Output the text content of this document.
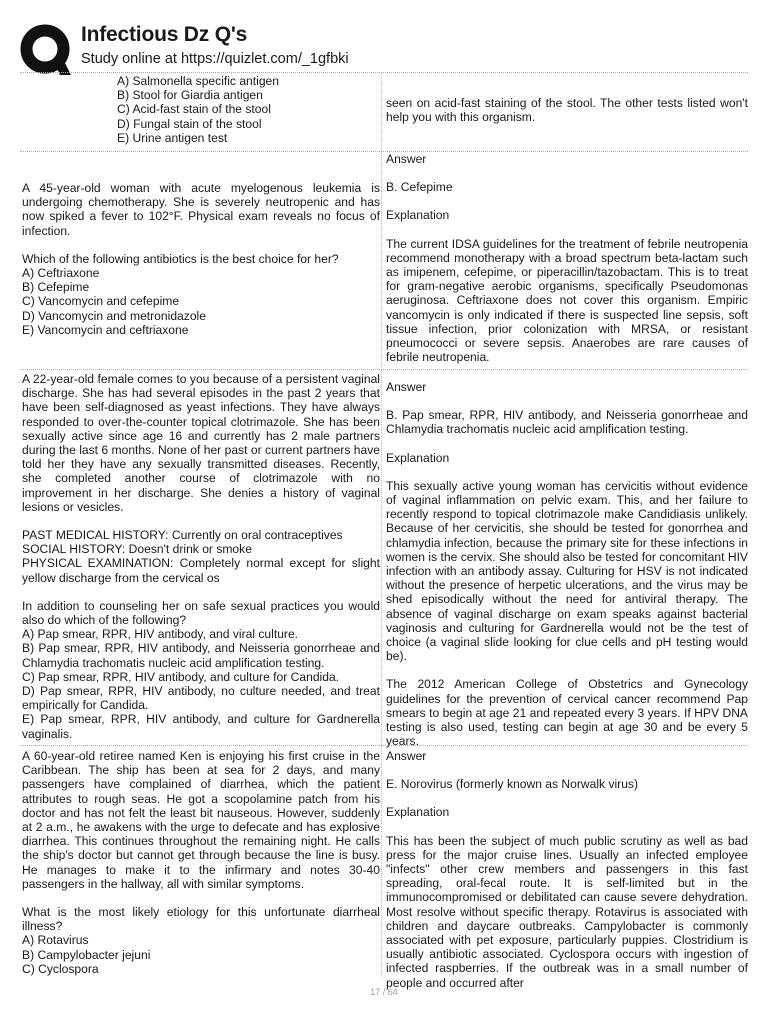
Infectious Dz Q's
Study online at https://quizlet.com/_1gfbki

A) Salmonella specific antigen

B) Stool for Giardia antigen

C) Acid-fast stain of the stool

D) Fungal stain of the stool

E) Urine antigen test

seen on acid-fast staining of the stool. The other tests listed won't help you with this organism.

A 45-year-old woman with acute myelogenous leukemia is undergoing chemotherapy. She is severely neutropenic and has now spiked a fever to 102°F. Physical exam reveals no focus of infection.

Which of the following antibiotics is the best choice for her?

A) Ceftriaxone

B) Cefepime

C) Vancomycin and cefepime

D) Vancomycin and metronidazole

E) Vancomycin and ceftriaxone

Answer

B. Cefepime

Explanation

The current IDSA guidelines for the treatment of febrile neutropenia recommend monotherapy with a broad spectrum beta-lactam such as imipenem, cefepime, or piperacillin/tazobactam. This is to treat for gram-negative aerobic organisms, specifically Pseudomonas aeruginosa. Ceftriaxone does not cover this organism. Empiric vancomycin is only indicated if there is suspected line sepsis, soft tissue infection, prior colonization with MRSA, or resistant pneumococci or severe sepsis. Anaerobes are rare causes of febrile neutropenia.

A 22-year-old female comes to you because of a persistent vaginal discharge. She has had several episodes in the past 2 years that have been self-diagnosed as yeast infections. They have always responded to over-the-counter topical clotrimazole. She has been sexually active since age 16 and currently has 2 male partners during the last 6 months. None of her past or current partners have told her they have any sexually transmitted diseases. Recently, she completed another course of clotrimazole with no improvement in her discharge. She denies a history of vaginal lesions or vesicles.

PAST MEDICAL HISTORY: Currently on oral contraceptives

SOCIAL HISTORY: Doesn't drink or smoke

PHYSICAL EXAMINATION: Completely normal except for slight yellow discharge from the cervical os

In addition to counseling her on safe sexual practices you would also do which of the following?

A) Pap smear, RPR, HIV antibody, and viral culture.

B) Pap smear, RPR, HIV antibody, and Neisseria gonorrheae and Chlamydia trachomatis nucleic acid amplification testing.

C) Pap smear, RPR, HIV antibody, and culture for Candida.

D) Pap smear, RPR, HIV antibody, no culture needed, and treat empirically for Candida.

E) Pap smear, RPR, HIV antibody, and culture for Gardnerella vaginalis.

Answer

B. Pap smear, RPR, HIV antibody, and Neisseria gonorrheae and Chlamydia trachomatis nucleic acid amplification testing.

Explanation

This sexually active young woman has cervicitis without evidence of vaginal inflammation on pelvic exam. This, and her failure to recently respond to topical clotrimazole make Candidiasis unlikely. Because of her cervicitis, she should be tested for gonorrhea and chlamydia infection, because the primary site for these infections in women is the cervix. She should also be tested for concomitant HIV infection with an antibody assay. Culturing for HSV is not indicated without the presence of herpetic ulcerations, and the virus may be shed episodically without the need for antiviral therapy. The absence of vaginal discharge on exam speaks against bacterial vaginosis and culturing for Gardnerella would not be the test of choice (a vaginal slide looking for clue cells and pH testing would be).

The 2012 American College of Obstetrics and Gynecology guidelines for the prevention of cervical cancer recommend Pap smears to begin at age 21 and repeated every 3 years. If HPV DNA testing is also used, testing can begin at age 30 and be every 5 years.

A 60-year-old retiree named Ken is enjoying his first cruise in the Caribbean. The ship has been at sea for 2 days, and many passengers have complained of diarrhea, which the patient attributes to rough seas. He got a scopolamine patch from his doctor and has not felt the least bit nauseous. However, suddenly at 2 a.m., he awakens with the urge to defecate and has explosive diarrhea. This continues throughout the remaining night. He calls the ship's doctor but cannot get through because the line is busy. He manages to make it to the infirmary and notes 30-40 passengers in the hallway, all with similar symptoms.

What is the most likely etiology for this unfortunate diarrheal illness?

A) Rotavirus

B) Campylobacter jejuni

C) Cyclospora

Answer

E. Norovirus (formerly known as Norwalk virus)

Explanation

This has been the subject of much public scrutiny as well as bad press for the major cruise lines. Usually an infected employee "infects" other crew members and passengers in this fast spreading, oral-fecal route. It is self-limited but in the immunocompromised or debilitated can cause severe dehydration. Most resolve without specific therapy. Rotavirus is associated with children and daycare outbreaks. Campylobacter is commonly associated with pet exposure, particularly puppies. Clostridium is usually antibiotic associated. Cyclospora occurs with ingestion of infected raspberries. If the outbreak was in a small number of people and occurred after

17 / 64
